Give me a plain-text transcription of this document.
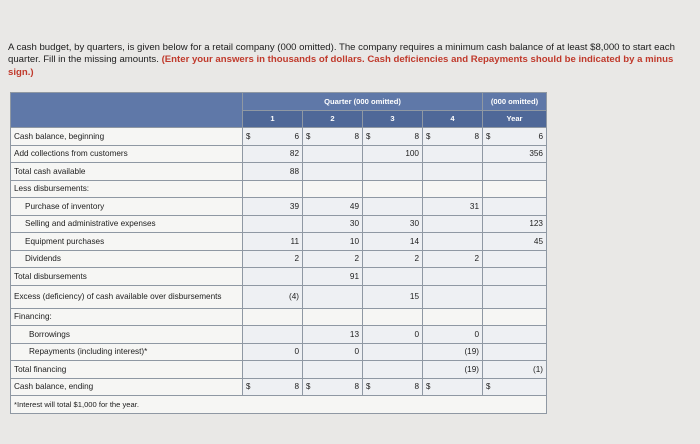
A cash budget, by quarters, is given below for a retail company (000 omitted). The company requires a minimum cash balance of at least $8,000 to start each quarter. Fill in the missing amounts. (Enter your answers in thousands of dollars. Cash deficiencies and Repayments should be indicated by a minus sign.)
	Quarter (000 omitted)				(000 omitted)
	1	2	3	4	Year
Cash balance, beginning	$ 6	$ 8	$ 8	$ 8	$ 6
Add collections from customers	82		100		356
Total cash available	88				
Less disbursements:					
Purchase of inventory	39	49		31	
Selling and administrative expenses		30	30		123
Equipment purchases	11	10	14		45
Dividends	2	2	2	2	
Total disbursements		91			
Excess (deficiency) of cash available over disbursements	(4)		15		
Financing:					
Borrowings		13	0	0	
Repayments (including interest)*	0	0		(19)	
Total financing				(19)	(1)
Cash balance, ending	$ 8	$ 8	$ 8	$	$

*Interest will total $1,000 for the year.					
